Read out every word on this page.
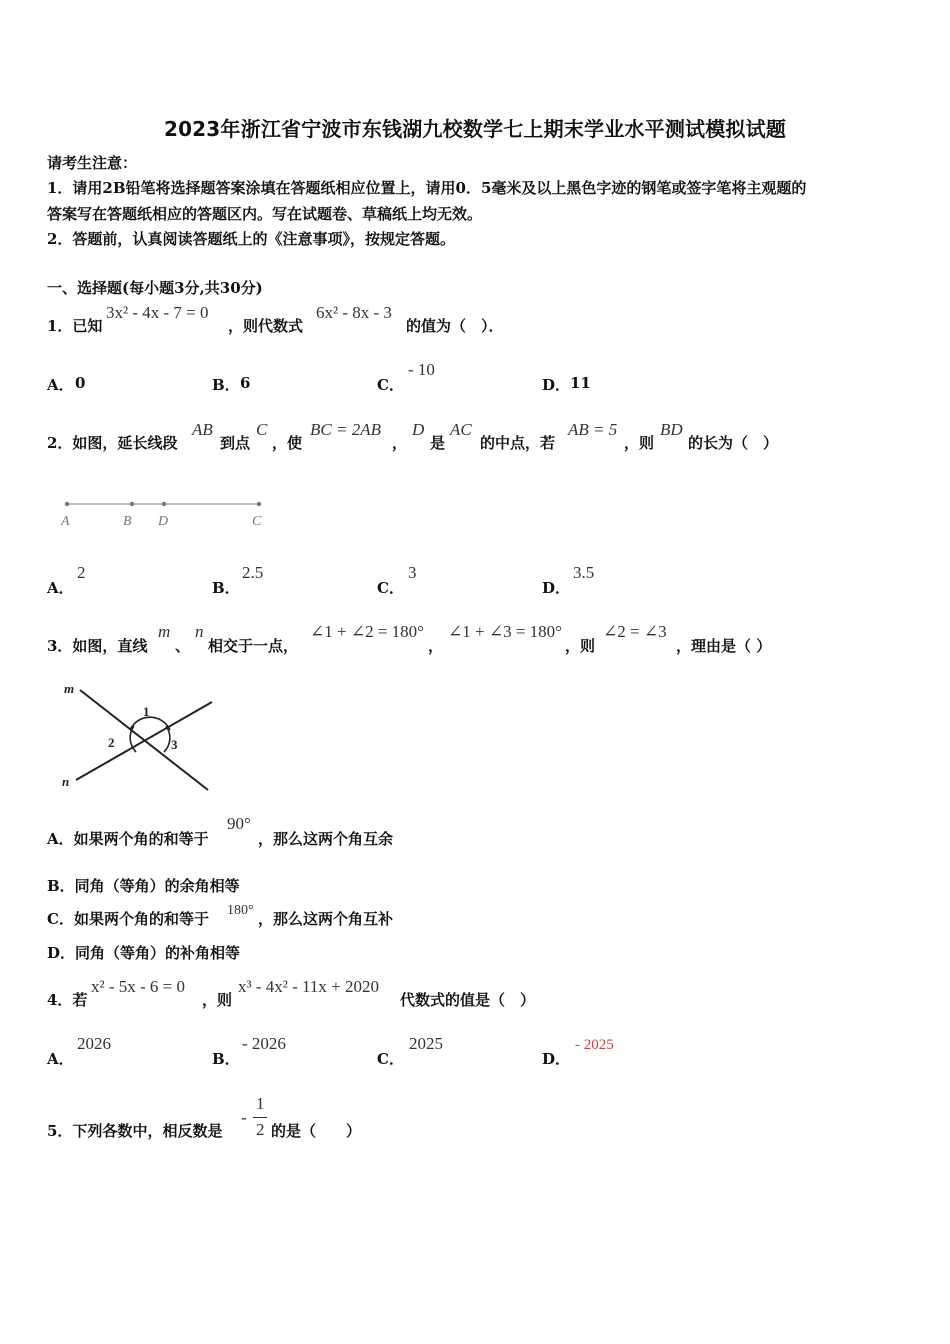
2023年浙江省宁波市东钱湖九校数学七上期末学业水平测试模拟试题
请考生注意：
1．请用2B铅笔将选择题答案涂填在答题纸相应位置上，请用0．5毫米及以上黑色字迹的钢笔或签字笔将主观题的
答案写在答题纸相应的答题区内。写在试题卷、草稿纸上均无效。
2．答题前，认真阅读答题纸上的《注意事项》，按规定答题。
一、选择题(每小题3分,共30分)
1．已知
3x² - 4x - 7 = 0
，则代数式
6x² - 8x - 3
的值为（　）．
A． 0	B． 6	C．
- 10
D． 11
2．如图，延长线段
AB
到点
C
，使
BC = 2AB
，
D
是
AC
的中点，若
AB = 5
，则
BD
的长为（　）
A	B D	C
A．
2
B．
2.5
C．
3
D．
3.5
3．如图，直线
m
、
n
相交于一点，
∠1 + ∠2 = 180°
，
∠1 + ∠3 = 180°
，则
∠2 = ∠3
，理由是（ ）
m
n
1
2	3
A．如果两个角的和等于
90°
，那么这两个角互余
B．同角（等角）的余角相等
C．如果两个角的和等于 180° ，那么这两个角互补
D．同角（等角）的补角相等
4．若
x² - 5x - 6 = 0
，则
x³ - 4x² - 11x + 2020
代数式的值是（　）
A．
2026
B．
- 2026
C．
2025
D．
- 2025
5．下列各数中，相反数是
-
1
2 的是（　　）
